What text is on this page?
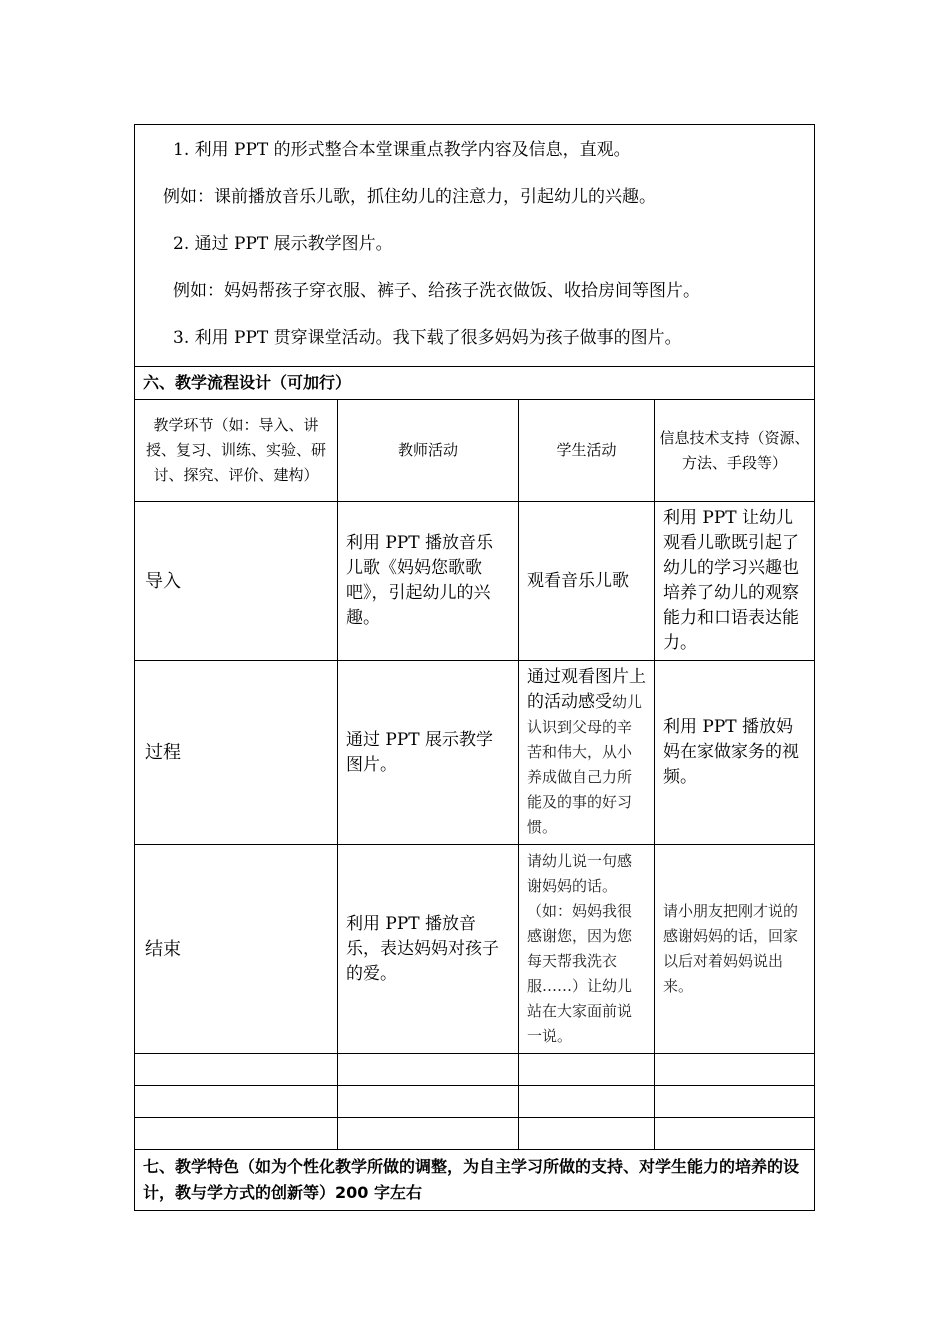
1. 利用 PPT 的形式整合本堂课重点教学内容及信息，直观。

例如：课前播放音乐儿歌，抓住幼儿的注意力，引起幼儿的兴趣。

2. 通过 PPT 展示教学图片。

例如：妈妈帮孩子穿衣服、裤子、给孩子洗衣做饭、收拾房间等图片。

3. 利用 PPT 贯穿课堂活动。我下载了很多妈妈为孩子做事的图片。			

六、教学流程设计（可加行）			
教学环节（如：导入、讲授、复习、训练、实验、研讨、探究、评价、建构）	教师活动	学生活动	信息技术支持（资源、方法、手段等）
导入	利用 PPT 播放音乐儿歌《妈妈您歌歌吧》，引起幼儿的兴趣。	观看音乐儿歌	利用 PPT 让幼儿观看儿歌既引起了幼儿的学习兴趣也培养了幼儿的观察能力和口语表达能力。
过程	通过 PPT 展示教学图片。	通过观看图片上的活动感受幼儿认识到父母的辛苦和伟大，从小养成做自己力所能及的事的好习惯。	利用 PPT 播放妈妈在家做家务的视频。
结束	利用 PPT 播放音乐，表达妈妈对孩子的爱。	请幼儿说一句感谢妈妈的话。（如：妈妈我很感谢您，因为您每天帮我洗衣服……）让幼儿站在大家面前说一说。	请小朋友把刚才说的感谢妈妈的话，回家以后对着妈妈说出来。

七、教学特色（如为个性化教学所做的调整，为自主学习所做的支持、对学生能力的培养的设计，教与学方式的创新等）200 字左右			
